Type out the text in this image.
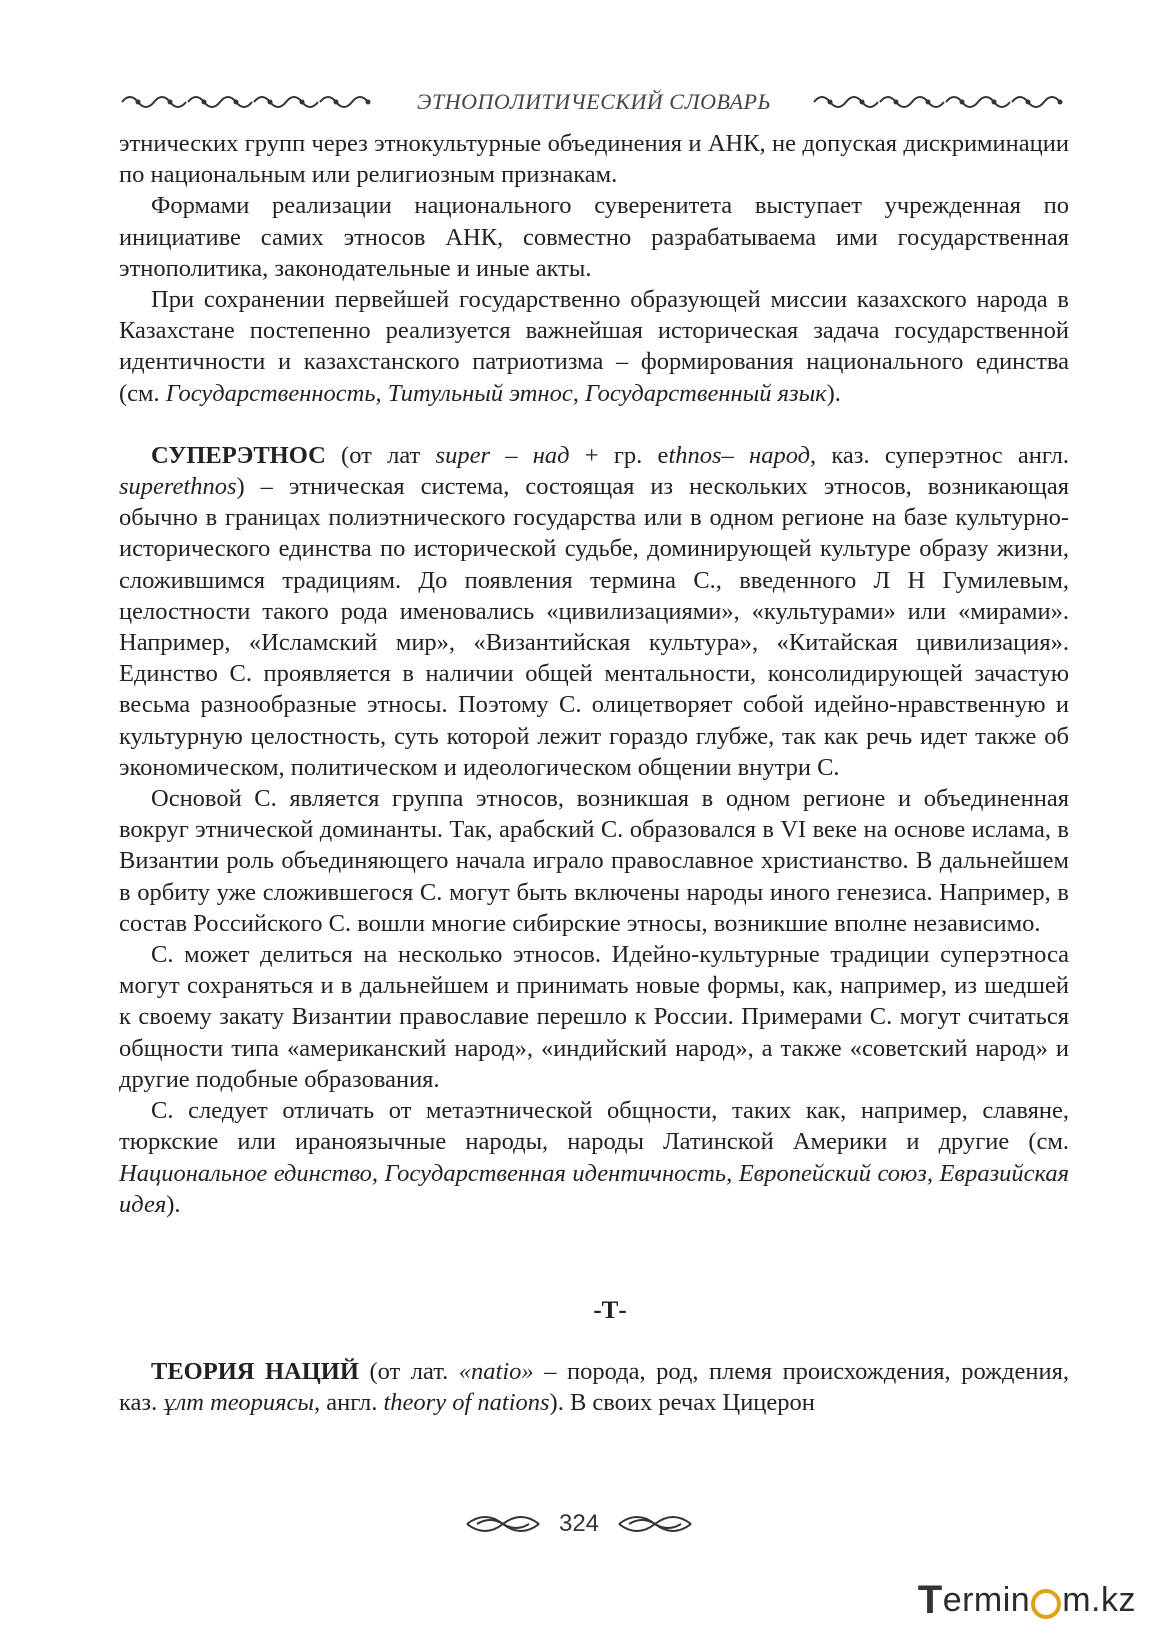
ЭТНОПОЛИТИЧЕСКИЙ СЛОВАРЬ

этнических групп через этнокультурные объединения и АНК, не допуская дискриминации по национальным или религиозным признакам.

Формами реализации национального суверенитета выступает учрежденная по инициативе самих этносов АНК, совместно разрабатываема ими государственная этнополитика, законодательные и иные акты.

При сохранении первейшей государственно образующей миссии казахского народа в Казахстане постепенно реализуется важнейшая историческая задача государственной идентичности и казахстанского патриотизма – формирования национального единства (см. Государственность, Титульный этнос, Государственный язык).

СУПЕРЭТНОС (от лат super – над + гр. еthnos– народ, каз. суперэтнос англ. superethnos) – этническая система, состоящая из нескольких этносов, возникающая обычно в границах полиэтнического государства или в одном регионе на базе культурно-исторического единства по исторической судьбе, доминирующей культуре образу жизни, сложившимся традициям. До появления термина С., введенного Л Н Гумилевым, целостности такого рода именовались «цивилизациями», «культурами» или «мирами». Например, «Исламский мир», «Византийская культура», «Китайская цивилизация». Единство С. проявляется в наличии общей ментальности, консолидирующей зачастую весьма разнообразные этносы. Поэтому С. олицетворяет собой идейно-нравственную и культурную целостность, суть которой лежит гораздо глубже, так как речь идет также об экономическом, политическом и идеологическом общении внутри С.

Основой С. является группа этносов, возникшая в одном регионе и объединенная вокруг этнической доминанты. Так, арабский С. образовался в VI веке на основе ислама, в Византии роль объединяющего начала играло православное христианство. В дальнейшем в орбиту уже сложившегося С. могут быть включены народы иного генезиса. Например, в состав Российского С. вошли многие сибирские этносы, возникшие вполне независимо.

С. может делиться на несколько этносов. Идейно-культурные традиции суперэтноса могут сохраняться и в дальнейшем и принимать новые формы, как, например, из шедшей к своему закату Византии православие перешло к России. Примерами С. могут считаться общности типа «американский народ», «индийский народ», а также «советский народ» и другие подобные образования.

С. следует отличать от метаэтнической общности, таких как, например, славяне, тюркские или ираноязычные народы, народы Латинской Америки и другие (см. Национальное единство, Государственная идентичность, Европейский союз, Евразийская идея).

-Т-

ТЕОРИЯ НАЦИЙ (от лат. «natio» – порода, род, племя происхождения, рождения, каз. ұлт теориясы, англ. theory of nations). В своих речах Цицерон

324
T ermin m.kz
